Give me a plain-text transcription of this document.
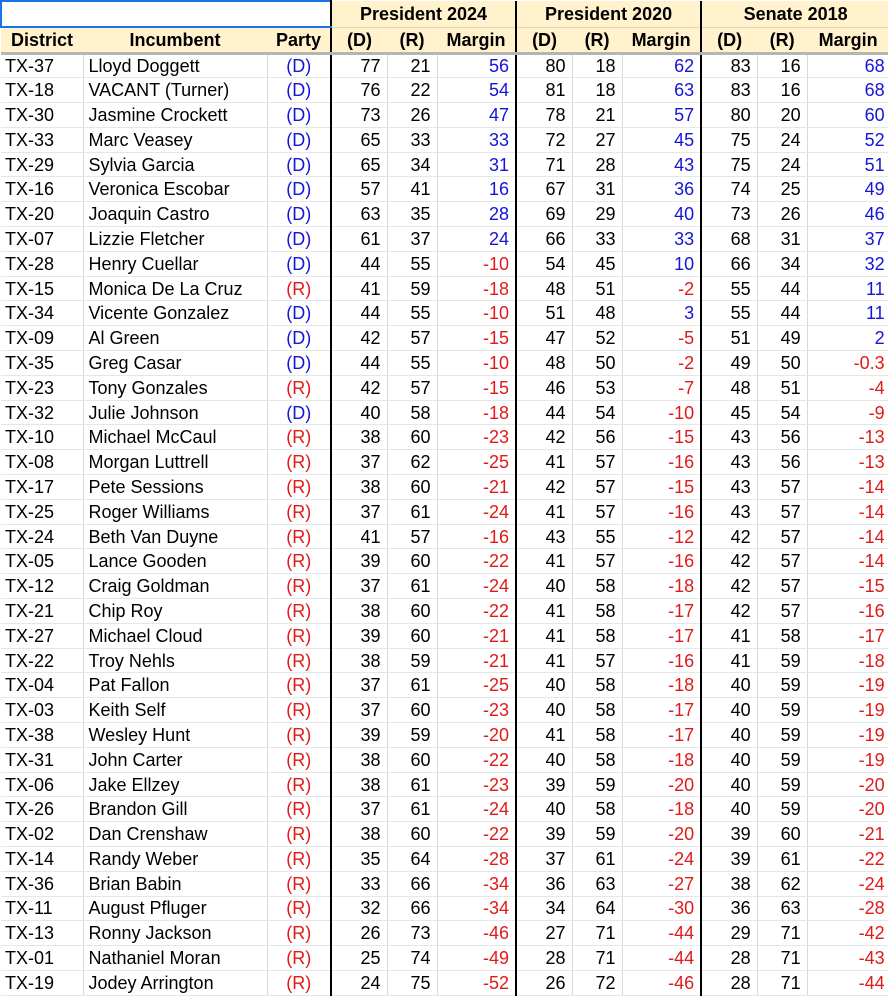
			President 2024			President 2020			Senate 2018		
District	Incumbent	Party	(D)	(R)	Margin	(D)	(R)	Margin	(D)	(R)	Margin
TX-37	Lloyd Doggett	(D)	77	21	56	80	18	62	83	16	68
TX-18	VACANT (Turner)	(D)	76	22	54	81	18	63	83	16	68
TX-30	Jasmine Crockett	(D)	73	26	47	78	21	57	80	20	60
TX-33	Marc Veasey	(D)	65	33	33	72	27	45	75	24	52
TX-29	Sylvia Garcia	(D)	65	34	31	71	28	43	75	24	51
TX-16	Veronica Escobar	(D)	57	41	16	67	31	36	74	25	49
TX-20	Joaquin Castro	(D)	63	35	28	69	29	40	73	26	46
TX-07	Lizzie Fletcher	(D)	61	37	24	66	33	33	68	31	37
TX-28	Henry Cuellar	(D)	44	55	-10	54	45	10	66	34	32
TX-15	Monica De La Cruz	(R)	41	59	-18	48	51	-2	55	44	11
TX-34	Vicente Gonzalez	(D)	44	55	-10	51	48	3	55	44	11
TX-09	Al Green	(D)	42	57	-15	47	52	-5	51	49	2
TX-35	Greg Casar	(D)	44	55	-10	48	50	-2	49	50	-0.3
TX-23	Tony Gonzales	(R)	42	57	-15	46	53	-7	48	51	-4
TX-32	Julie Johnson	(D)	40	58	-18	44	54	-10	45	54	-9
TX-10	Michael McCaul	(R)	38	60	-23	42	56	-15	43	56	-13
TX-08	Morgan Luttrell	(R)	37	62	-25	41	57	-16	43	56	-13
TX-17	Pete Sessions	(R)	38	60	-21	42	57	-15	43	57	-14
TX-25	Roger Williams	(R)	37	61	-24	41	57	-16	43	57	-14
TX-24	Beth Van Duyne	(R)	41	57	-16	43	55	-12	42	57	-14
TX-05	Lance Gooden	(R)	39	60	-22	41	57	-16	42	57	-14
TX-12	Craig Goldman	(R)	37	61	-24	40	58	-18	42	57	-15
TX-21	Chip Roy	(R)	38	60	-22	41	58	-17	42	57	-16
TX-27	Michael Cloud	(R)	39	60	-21	41	58	-17	41	58	-17
TX-22	Troy Nehls	(R)	38	59	-21	41	57	-16	41	59	-18
TX-04	Pat Fallon	(R)	37	61	-25	40	58	-18	40	59	-19
TX-03	Keith Self	(R)	37	60	-23	40	58	-17	40	59	-19
TX-38	Wesley Hunt	(R)	39	59	-20	41	58	-17	40	59	-19
TX-31	John Carter	(R)	38	60	-22	40	58	-18	40	59	-19
TX-06	Jake Ellzey	(R)	38	61	-23	39	59	-20	40	59	-20
TX-26	Brandon Gill	(R)	37	61	-24	40	58	-18	40	59	-20
TX-02	Dan Crenshaw	(R)	38	60	-22	39	59	-20	39	60	-21
TX-14	Randy Weber	(R)	35	64	-28	37	61	-24	39	61	-22
TX-36	Brian Babin	(R)	33	66	-34	36	63	-27	38	62	-24
TX-11	August Pfluger	(R)	32	66	-34	34	64	-30	36	63	-28
TX-13	Ronny Jackson	(R)	26	73	-46	27	71	-44	29	71	-42
TX-01	Nathaniel Moran	(R)	25	74	-49	28	71	-44	28	71	-43
TX-19	Jodey Arrington	(R)	24	75	-52	26	72	-46	28	71	-44
